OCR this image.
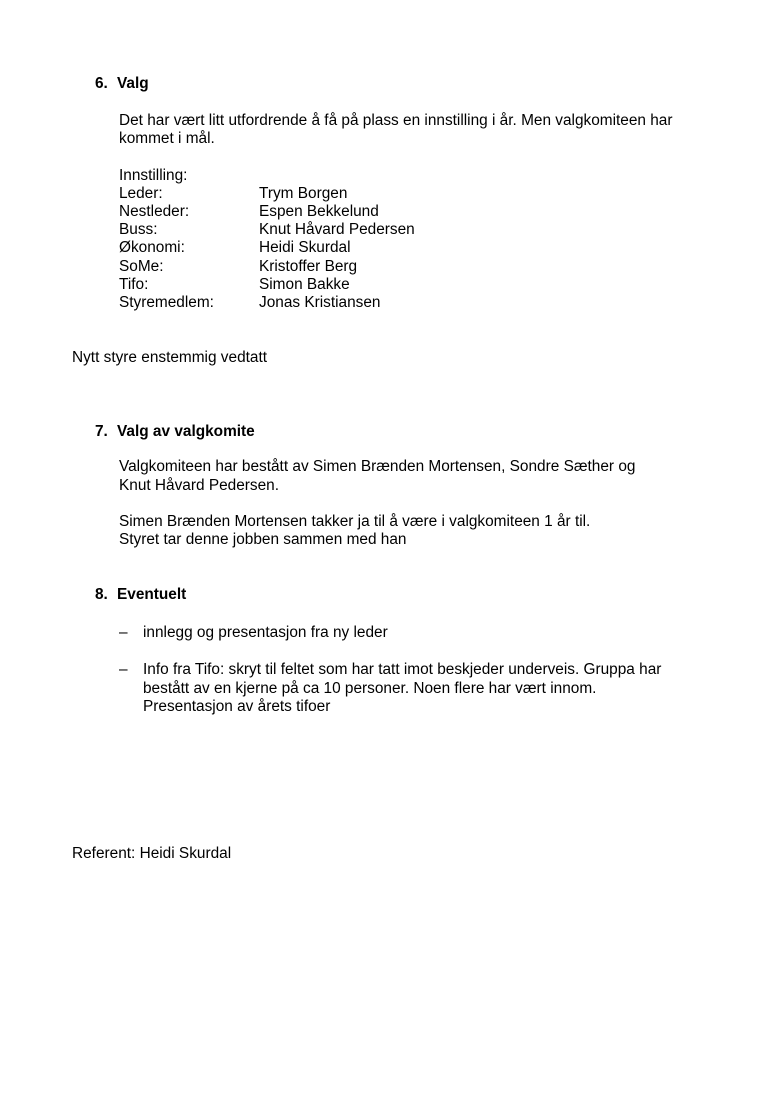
6. Valg
Det har vært litt utfordrende å få på plass en innstilling i år. Men valgkomiteen har
kommet i mål.
Innstilling:
Leder:	Trym Borgen
Nestleder:	Espen Bekkelund
Buss:	Knut Håvard Pedersen
Økonomi:	Heidi Skurdal
SoMe:	Kristoffer Berg
Tifo:	Simon Bakke
Styremedlem:	Jonas Kristiansen
Nytt styre enstemmig vedtatt
7. Valg av valgkomite
Valgkomiteen har bestått av Simen Brænden Mortensen, Sondre Sæther og
Knut Håvard Pedersen.
Simen Brænden Mortensen takker ja til å være i valgkomiteen 1 år til.
Styret tar denne jobben sammen med han
8. Eventuelt
– innlegg og presentasjon fra ny leder
– Info fra Tifo: skryt til feltet som har tatt imot beskjeder underveis. Gruppa har
bestått av en kjerne på ca 10 personer. Noen flere har vært innom.
Presentasjon av årets tifoer
Referent: Heidi Skurdal
